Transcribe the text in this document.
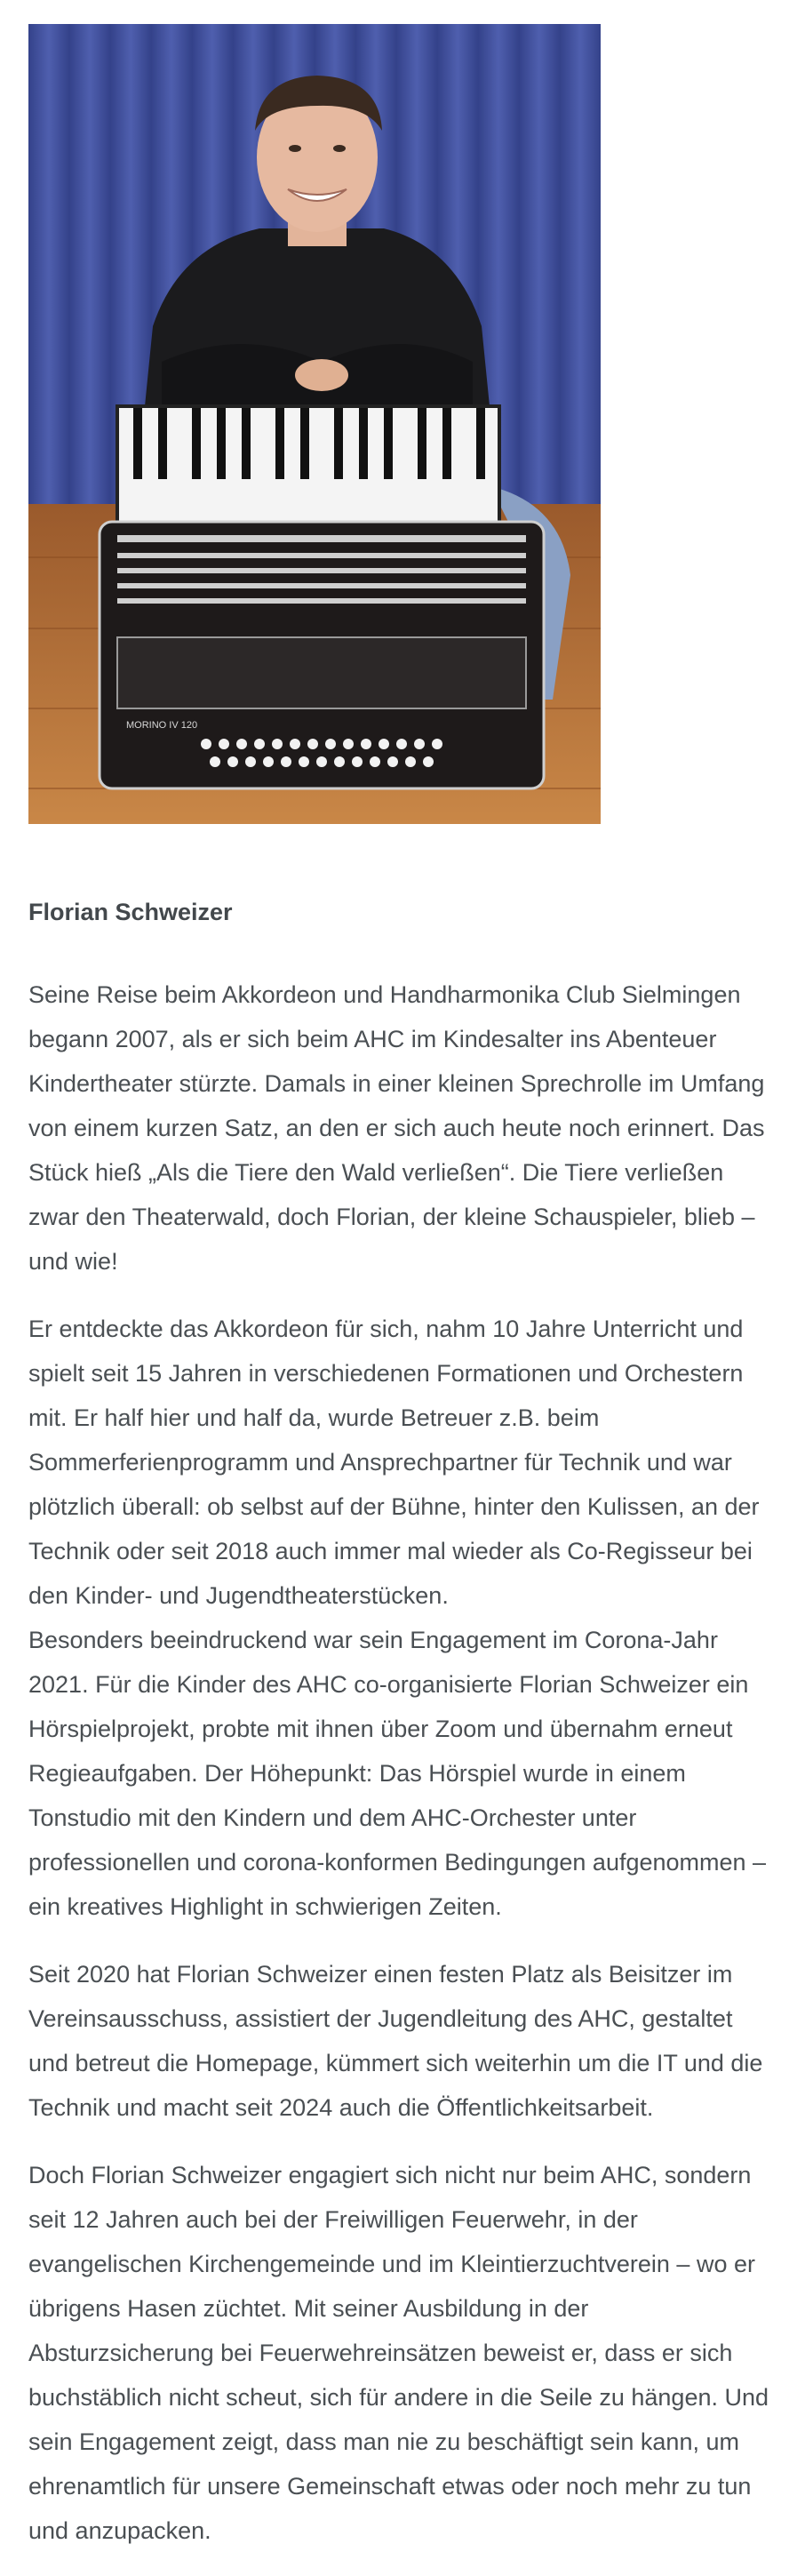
MORINO IV 120

Florian Schweizer

Seine Reise beim Akkordeon und Handharmonika Club Sielmingen begann 2007, als er sich beim AHC im Kindesalter ins Abenteuer Kindertheater stürzte. Damals in einer kleinen Sprechrolle im Umfang von einem kurzen Satz, an den er sich auch heute noch erinnert. Das Stück hieß „Als die Tiere den Wald verließen“. Die Tiere verließen zwar den Theaterwald, doch Florian, der kleine Schauspieler, blieb – und wie!

Er entdeckte das Akkordeon für sich, nahm 10 Jahre Unterricht und spielt seit 15 Jahren in verschiedenen Formationen und Orchestern mit. Er half hier und half da, wurde Betreuer z.B. beim Sommerferienprogramm und Ansprechpartner für Technik und war plötzlich überall: ob selbst auf der Bühne, hinter den Kulissen, an der Technik oder seit 2018 auch immer mal wieder als Co-Regisseur bei den Kinder- und Jugendtheaterstücken.

Besonders beeindruckend war sein Engagement im Corona-Jahr 2021. Für die Kinder des AHC co-organisierte Florian Schweizer ein Hörspielprojekt, probte mit ihnen über Zoom und übernahm erneut Regieaufgaben. Der Höhepunkt: Das Hörspiel wurde in einem Tonstudio mit den Kindern und dem AHC-Orchester unter professionellen und corona-konformen Bedingungen aufgenommen – ein kreatives Highlight in schwierigen Zeiten.

Seit 2020 hat Florian Schweizer einen festen Platz als Beisitzer im Vereinsausschuss, assistiert der Jugendleitung des AHC, gestaltet und betreut die Homepage, kümmert sich weiterhin um die IT und die Technik und macht seit 2024 auch die Öffentlichkeitsarbeit.

Doch Florian Schweizer engagiert sich nicht nur beim AHC, sondern seit 12 Jahren auch bei der Freiwilligen Feuerwehr, in der evangelischen Kirchengemeinde und im Kleintierzuchtverein – wo er übrigens Hasen züchtet. Mit seiner Ausbildung in der Absturzsicherung bei Feuerwehreinsätzen beweist er, dass er sich buchstäblich nicht scheut, sich für andere in die Seile zu hängen. Und sein Engagement zeigt, dass man nie zu beschäftigt sein kann, um ehrenamtlich für unsere Gemeinschaft etwas oder noch mehr zu tun und anzupacken.
